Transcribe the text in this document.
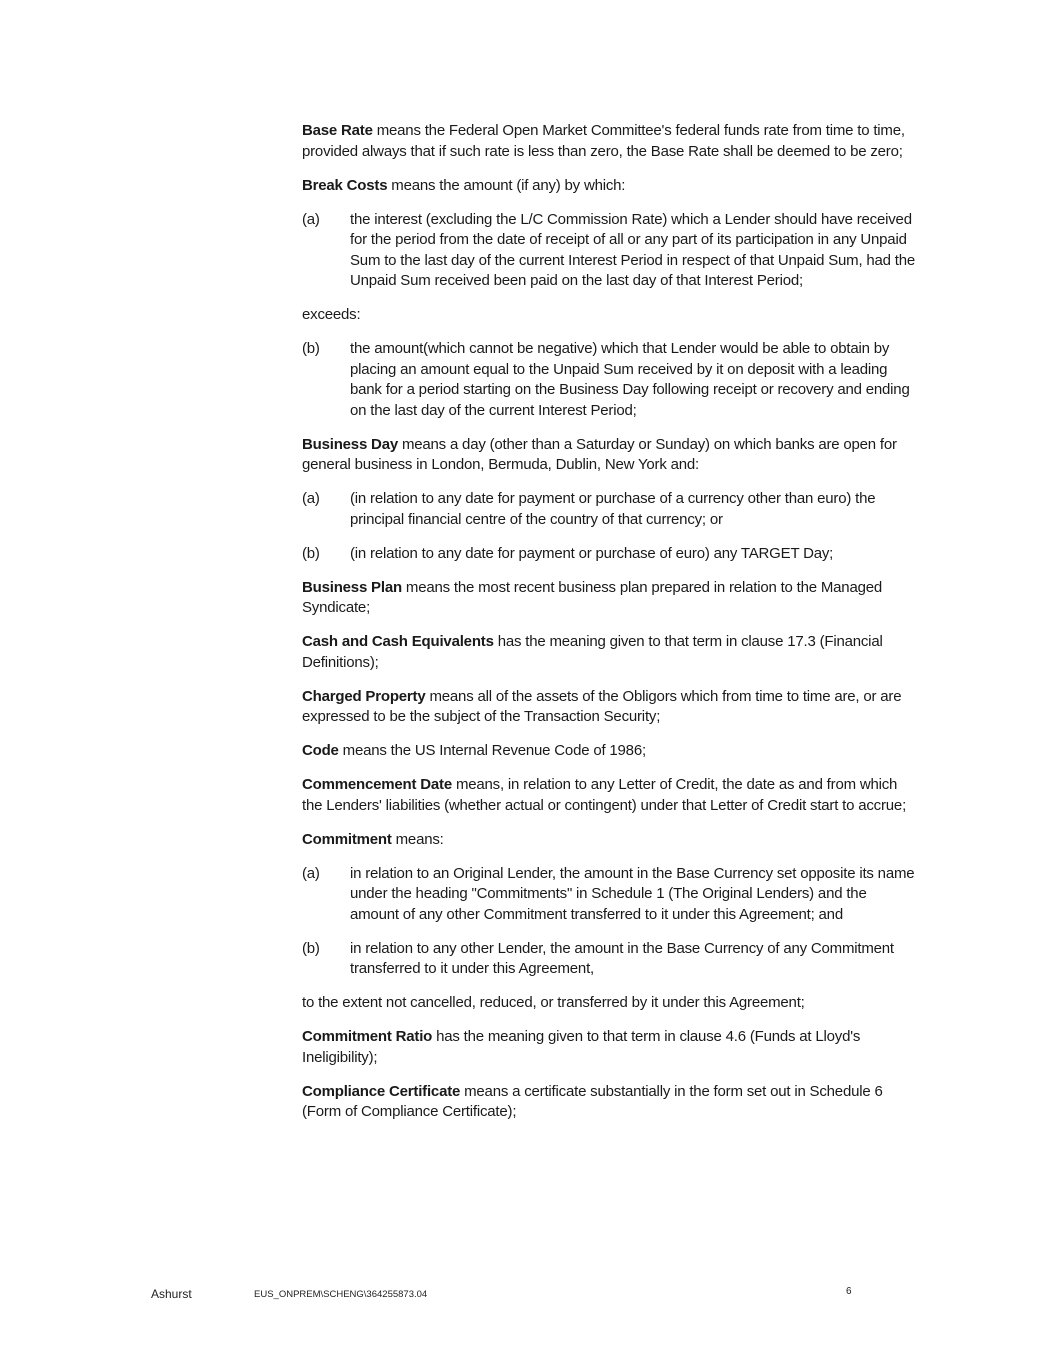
Base Rate means the Federal Open Market Committee's federal funds rate from time to time, provided always that if such rate is less than zero, the Base Rate shall be deemed to be zero;

Break Costs means the amount (if any) by which:

(a)	the interest (excluding the L/C Commission Rate) which a Lender should have received for the period from the date of receipt of all or any part of its participation in any Unpaid Sum to the last day of the current Interest Period in respect of that Unpaid Sum, had the Unpaid Sum received been paid on the last day of that Interest Period;

exceeds:

(b)	the amount(which cannot be negative) which that Lender would be able to obtain by placing an amount equal to the Unpaid Sum received by it on deposit with a leading bank for a period starting on the Business Day following receipt or recovery and ending on the last day of the current Interest Period;

Business Day means a day (other than a Saturday or Sunday) on which banks are open for general business in London, Bermuda, Dublin, New York and:

(a)	(in relation to any date for payment or purchase of a currency other than euro) the principal financial centre of the country of that currency; or
(b)	(in relation to any date for payment or purchase of euro) any TARGET Day;

Business Plan means the most recent business plan prepared in relation to the Managed Syndicate;

Cash and Cash Equivalents has the meaning given to that term in clause 17.3 (Financial Definitions);

Charged Property means all of the assets of the Obligors which from time to time are, or are expressed to be the subject of the Transaction Security;

Code means the US Internal Revenue Code of 1986;

Commencement Date means, in relation to any Letter of Credit, the date as and from which the Lenders' liabilities (whether actual or contingent) under that Letter of Credit start to accrue;

Commitment means:

(a)	in relation to an Original Lender, the amount in the Base Currency set opposite its name under the heading "Commitments" in Schedule 1 (The Original Lenders) and the amount of any other Commitment transferred to it under this Agreement; and
(b)	in relation to any other Lender, the amount in the Base Currency of any Commitment transferred to it under this Agreement,

to the extent not cancelled, reduced, or transferred by it under this Agreement;

Commitment Ratio has the meaning given to that term in clause 4.6 (Funds at Lloyd's Ineligibility);

Compliance Certificate means a certificate substantially in the form set out in Schedule 6 (Form of Compliance Certificate);

Ashurst	EUS_ONPREM\SCHENG\364255873.04	6
